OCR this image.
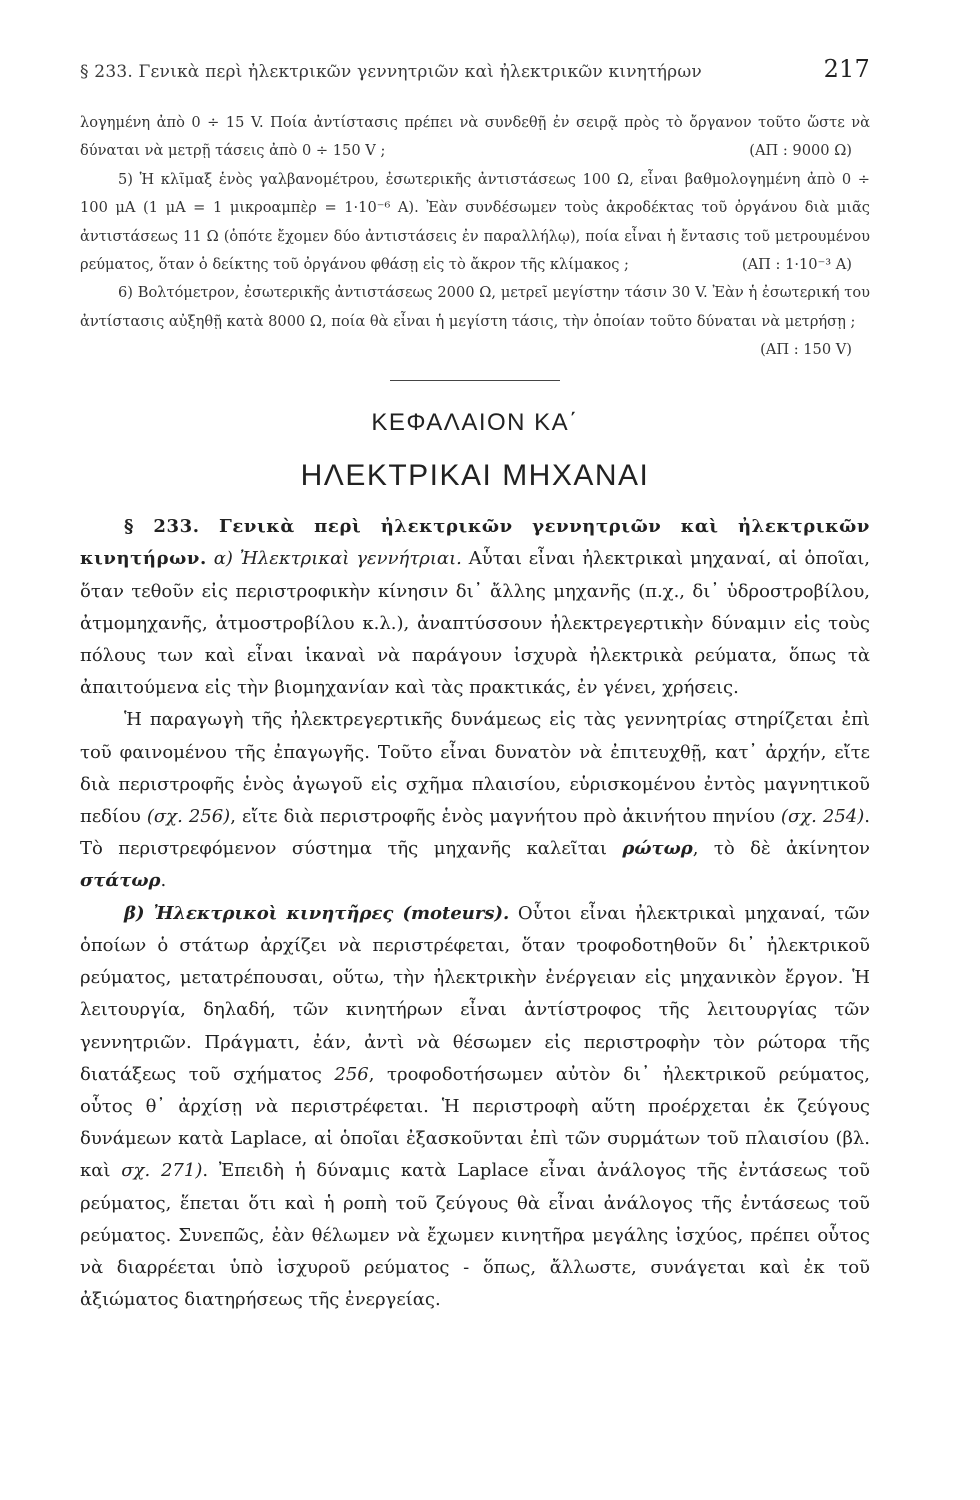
§ 233. Γενικὰ περὶ ἠλεκτρικῶν γεννητριῶν καὶ ἠλεκτρικῶν κινητήρων	217

λογημένη ἀπὸ 0 ÷ 15 V. Ποία ἀντίστασις πρέπει νὰ συνδεθῇ ἐν σειρᾷ πρὸς τὸ ὄργανον τοῦτο ὥστε νὰ δύναται νὰ μετρῇ τάσεις ἀπὸ 0 ÷ 150 V ;	(ΑΠ : 9000 Ω)

5) Ἡ κλῖμαξ ἑνὸς γαλβανομέτρου, ἐσωτερικῆς ἀντιστάσεως 100 Ω, εἶναι βαθμολογημένη ἀπὸ 0 ÷ 100 μA (1 μA = 1 μικροαμπὲρ = 1·10⁻⁶ A). Ἐὰν συνδέσωμεν τοὺς ἀκροδέκτας τοῦ ὀργάνου διὰ μιᾶς ἀντιστάσεως 11 Ω (ὁπότε ἔχομεν δύο ἀντιστάσεις ἐν παραλλήλῳ), ποία εἶναι ἡ ἔντασις τοῦ μετρουμένου ρεύματος, ὅταν ὁ δείκτης τοῦ ὀργάνου φθάσῃ εἰς τὸ ἄκρον τῆς κλίμακος ;	(ΑΠ : 1·10⁻³ A)

6) Βολτόμετρον, ἐσωτερικῆς ἀντιστάσεως 2000 Ω, μετρεῖ μεγίστην τάσιν 30 V. Ἐὰν ἡ ἐσωτερική του ἀντίστασις αὐξηθῇ κατὰ 8000 Ω, ποία θὰ εἶναι ἡ μεγίστη τάσις, τὴν ὁποίαν τοῦτο δύναται νὰ μετρήσῃ ;
(ΑΠ : 150 V)

ΚΕΦΑΛΑΙΟΝ ΚΑ΄
ΗΛΕΚΤΡΙΚΑΙ ΜΗΧΑΝΑΙ

§ 233. Γενικὰ περὶ ἠλεκτρικῶν γεννητριῶν καὶ ἠλεκτρικῶν κινητήρων. α) Ἠλεκτρικαὶ γεννήτριαι. Αὗται εἶναι ἠλεκτρικαὶ μηχαναί, αἱ ὁποῖαι, ὅταν τεθοῦν εἰς περιστροφικὴν κίνησιν δι᾽ ἄλλης μηχανῆς (π.χ., δι᾽ ὑδροστροβίλου, ἀτμομηχανῆς, ἀτμοστροβίλου κ.λ.), ἀναπτύσσουν ἠλεκτρεγερτικὴν δύναμιν εἰς τοὺς πόλους των καὶ εἶναι ἱκαναὶ νὰ παράγουν ἰσχυρὰ ἠλεκτρικὰ ρεύματα, ὅπως τὰ ἀπαιτούμενα εἰς τὴν βιομηχανίαν καὶ τὰς πρακτικάς, ἐν γένει, χρήσεις.

Ἡ παραγωγὴ τῆς ἠλεκτρεγερτικῆς δυνάμεως εἰς τὰς γεννητρίας στηρίζεται ἐπὶ τοῦ φαινομένου τῆς ἐπαγωγῆς. Τοῦτο εἶναι δυνατὸν νὰ ἐπιτευχθῇ, κατ᾽ ἀρχήν, εἴτε διὰ περιστροφῆς ἑνὸς ἀγωγοῦ εἰς σχῆμα πλαισίου, εὑρισκομένου ἐντὸς μαγνητικοῦ πεδίου (σχ. 256), εἴτε διὰ περιστροφῆς ἑνὸς μαγνήτου πρὸ ἀκινήτου πηνίου (σχ. 254). Τὸ περιστρεφόμενον σύστημα τῆς μηχανῆς καλεῖται ρώτωρ, τὸ δὲ ἀκίνητον στάτωρ.

β) Ἠλεκτρικοὶ κινητῆρες (moteurs). Οὗτοι εἶναι ἠλεκτρικαὶ μηχαναί, τῶν ὁποίων ὁ στάτωρ ἀρχίζει νὰ περιστρέφεται, ὅταν τροφοδοτηθοῦν δι᾽ ἠλεκτρικοῦ ρεύματος, μετατρέπουσαι, οὕτω, τὴν ἠλεκτρικὴν ἐνέργειαν εἰς μηχανικὸν ἔργον. Ἡ λειτουργία, δηλαδή, τῶν κινητήρων εἶναι ἀντίστροφος τῆς λειτουργίας τῶν γεννητριῶν. Πράγματι, ἐάν, ἀντὶ νὰ θέσωμεν εἰς περιστροφὴν τὸν ρώτορα τῆς διατάξεως τοῦ σχήματος 256, τροφοδοτήσωμεν αὐτὸν δι᾽ ἠλεκτρικοῦ ρεύματος, οὗτος θ᾽ ἀρχίσῃ νὰ περιστρέφεται. Ἡ περιστροφὴ αὕτη προέρχεται ἐκ ζεύγους δυνάμεων κατὰ Laplace, αἱ ὁποῖαι ἐξασκοῦνται ἐπὶ τῶν συρμάτων τοῦ πλαισίου (βλ. καὶ σχ. 271). Ἐπειδὴ ἡ δύναμις κατὰ Laplace εἶναι ἀνάλογος τῆς ἐντάσεως τοῦ ρεύματος, ἕπεται ὅτι καὶ ἡ ροπὴ τοῦ ζεύγους θὰ εἶναι ἀνάλογος τῆς ἐντάσεως τοῦ ρεύματος. Συνεπῶς, ἐὰν θέλωμεν νὰ ἔχωμεν κινητῆρα μεγάλης ἰσχύος, πρέπει οὗτος νὰ διαρρέεται ὑπὸ ἰσχυροῦ ρεύματος - ὅπως, ἄλλωστε, συνάγεται καὶ ἐκ τοῦ ἀξιώματος διατηρήσεως τῆς ἐνεργείας.
